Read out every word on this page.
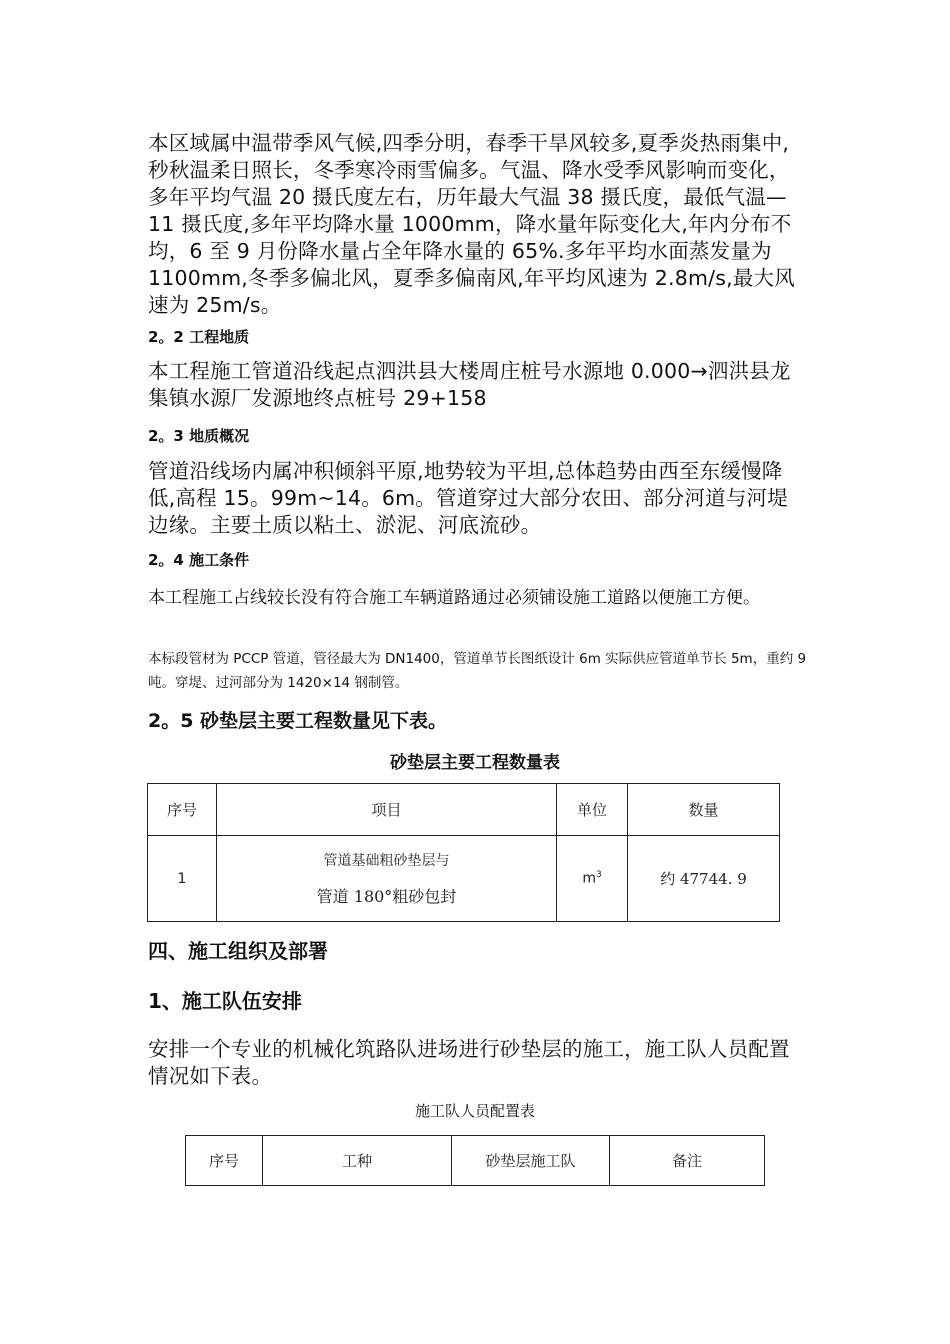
本区域属中温带季风气候,四季分明，春季干旱风较多,夏季炎热雨集中,秒秋温柔日照长，冬季寒冷雨雪偏多。气温、降水受季风影响而变化，多年平均气温 20 摄氏度左右，历年最大气温 38 摄氏度，最低气温—11 摄氏度,多年平均降水量 1000mm，降水量年际变化大,年内分布不均，6 至 9 月份降水量占全年降水量的 65%.多年平均水面蒸发量为 1100mm,冬季多偏北风，夏季多偏南风,年平均风速为 2.8m/s,最大风速为 25m/s。

2。2 工程地质

本工程施工管道沿线起点泗洪县大楼周庄桩号水源地 0.000→泗洪县龙集镇水源厂发源地终点桩号 29+158

2。3 地质概况

管道沿线场内属冲积倾斜平原,地势较为平坦,总体趋势由西至东缓慢降低,高程 15。99m~14。6m。管道穿过大部分农田、部分河道与河堤边缘。主要土质以粘土、淤泥、河底流砂。

2。4 施工条件

本工程施工占线较长没有符合施工车辆道路通过必须铺设施工道路以便施工方便。

本标段管材为 PCCP 管道，管径最大为 DN1400，管道单节长图纸设计 6m 实际供应管道单节长 5m，重约 9 吨。穿堤、过河部分为 1420×14 钢制管。

2。5 砂垫层主要工程数量见下表。

砂垫层主要工程数量表

序号	项目	单位	数量
1	管道基础粗砂垫层与
管道 180°粗砂包封	$m^3$	约 47744. 9

四、施工组织及部署

1、施工队伍安排

安排一个专业的机械化筑路队进场进行砂垫层的施工，施工队人员配置情况如下表。

施工队人员配置表

序号	工种	砂垫层施工队	备注
